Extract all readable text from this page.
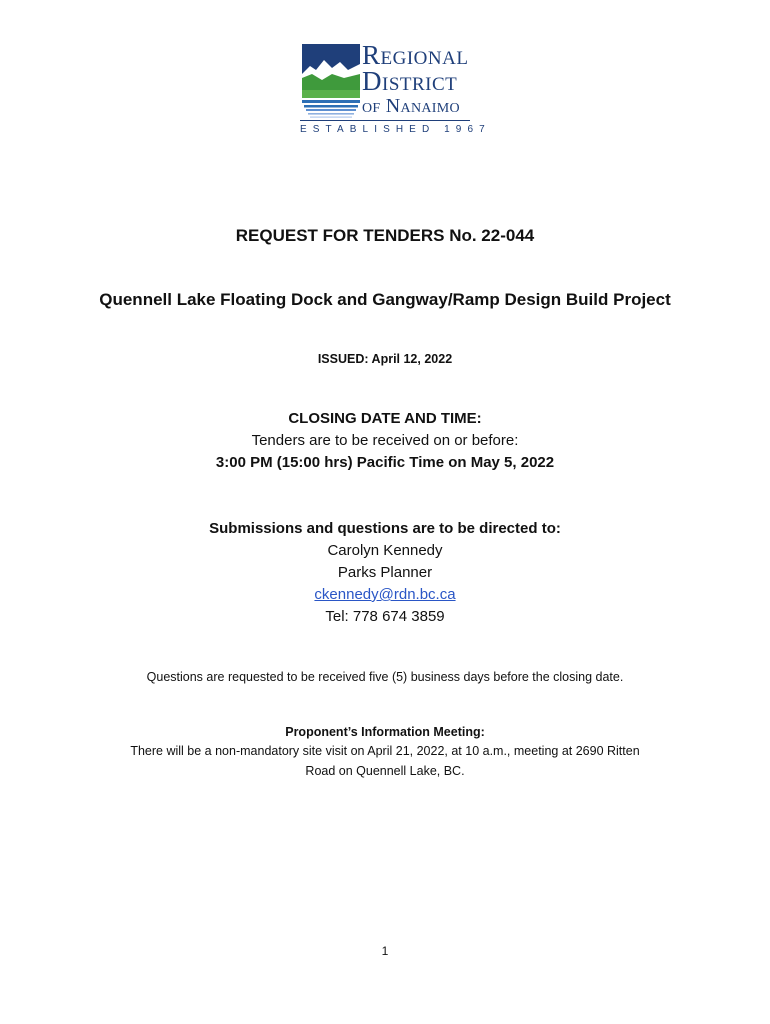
Regional
District
of Nanaimo
ESTABLISHED 1967
REQUEST FOR TENDERS No. 22-044
Quennell Lake Floating Dock and Gangway/Ramp Design Build Project
ISSUED: April 12, 2022
CLOSING DATE AND TIME:
Tenders are to be received on or before:
3:00 PM (15:00 hrs) Pacific Time on May 5, 2022
Submissions and questions are to be directed to:
Carolyn Kennedy
Parks Planner
ckennedy@rdn.bc.ca
Tel: 778 674 3859
Questions are requested to be received five (5) business days before the closing date.
Proponent’s Information Meeting:
There will be a non-mandatory site visit on April 21, 2022, at 10 a.m., meeting at 2690 Ritten
Road on Quennell Lake, BC.
1
